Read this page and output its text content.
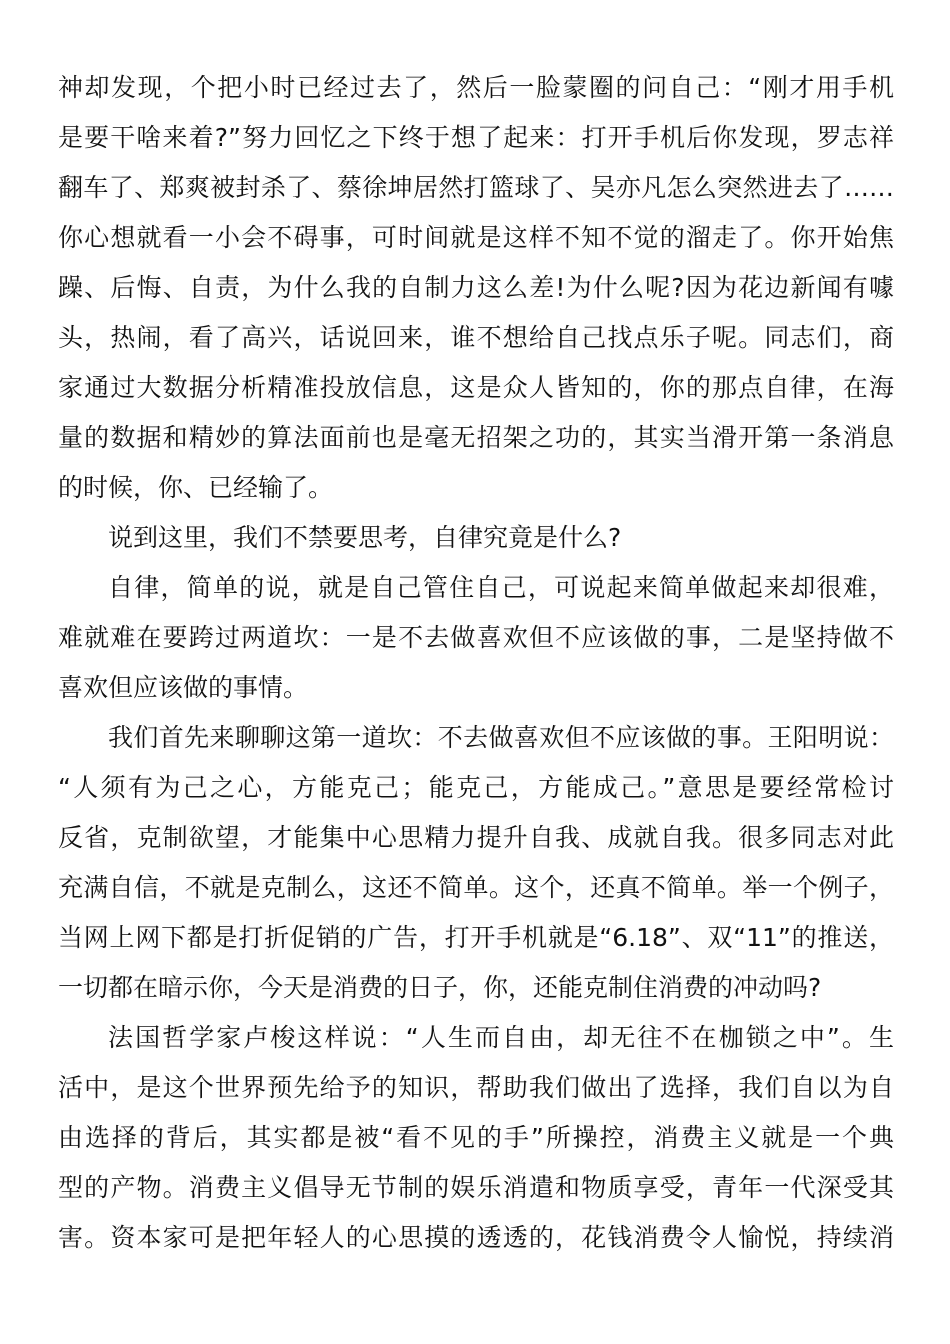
神却发现，个把小时已经过去了，然后一脸蒙圈的问自己：“刚才用手机
是要干啥来着?”努力回忆之下终于想了起来：打开手机后你发现，罗志祥
翻车了、郑爽被封杀了、蔡徐坤居然打篮球了、吴亦凡怎么突然进去了……
你心想就看一小会不碍事，可时间就是这样不知不觉的溜走了。你开始焦
躁、后悔、自责，为什么我的自制力这么差!为什么呢?因为花边新闻有噱
头，热闹，看了高兴，话说回来，谁不想给自己找点乐子呢。同志们，商
家通过大数据分析精准投放信息，这是众人皆知的，你的那点自律，在海
量的数据和精妙的算法面前也是毫无招架之功的，其实当滑开第一条消息
的时候，你、已经输了。
说到这里，我们不禁要思考，自律究竟是什么?
自律，简单的说，就是自己管住自己，可说起来简单做起来却很难，
难就难在要跨过两道坎：一是不去做喜欢但不应该做的事，二是坚持做不
喜欢但应该做的事情。
我们首先来聊聊这第一道坎：不去做喜欢但不应该做的事。王阳明说：
“人须有为己之心，方能克己；能克己，方能成己。”意思是要经常检讨
反省，克制欲望，才能集中心思精力提升自我、成就自我。很多同志对此
充满自信，不就是克制么，这还不简单。这个，还真不简单。举一个例子，
当网上网下都是打折促销的广告，打开手机就是“6.18”、双“11”的推送，
一切都在暗示你，今天是消费的日子，你，还能克制住消费的冲动吗?
法国哲学家卢梭这样说：“人生而自由，却无往不在枷锁之中”。生
活中，是这个世界预先给予的知识，帮助我们做出了选择，我们自以为自
由选择的背后，其实都是被“看不见的手”所操控，消费主义就是一个典
型的产物。消费主义倡导无节制的娱乐消遣和物质享受，青年一代深受其
害。资本家可是把年轻人的心思摸的透透的，花钱消费令人愉悦，持续消
